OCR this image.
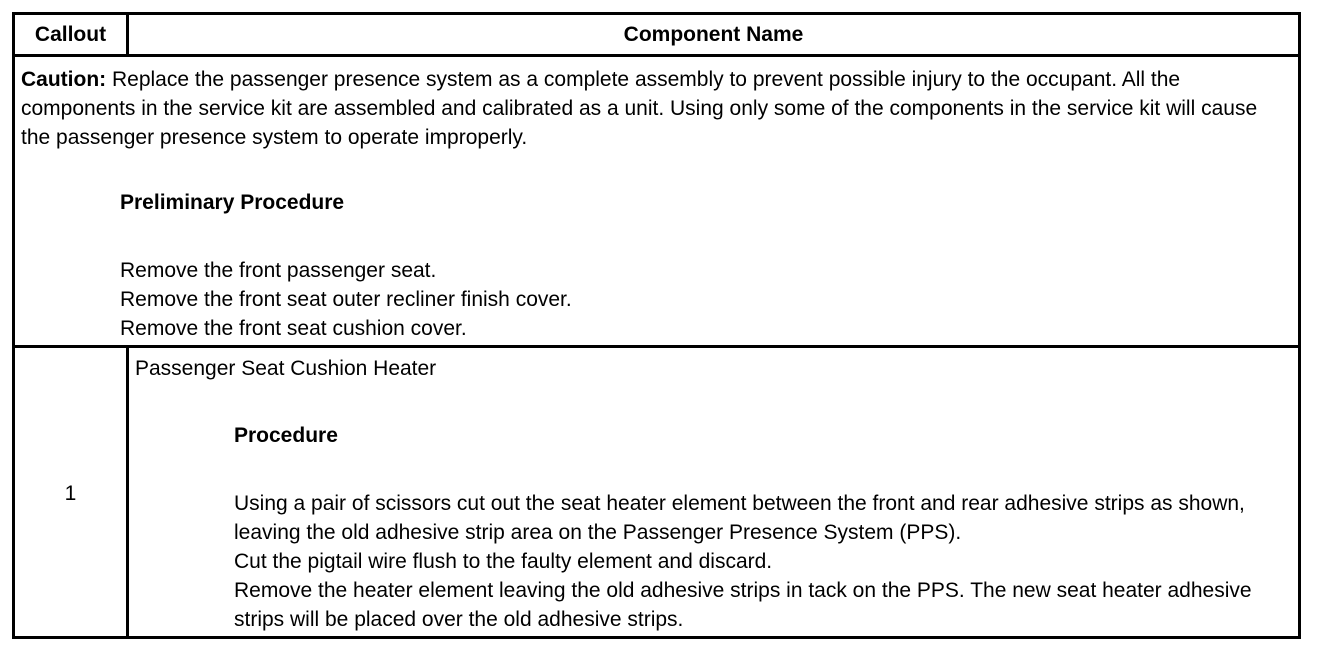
Callout	Component Name
Caution: Replace the passenger presence system as a complete assembly to prevent possible injury to the occupant. All the components in the service kit are assembled and calibrated as a unit. Using only some of the components in the service kit will cause the passenger presence system to operate improperly.
Preliminary Procedure
Remove the front passenger seat.
Remove the front seat outer recliner finish cover.
Remove the front seat cushion cover.
1
Passenger Seat Cushion Heater
Procedure
Using a pair of scissors cut out the seat heater element between the front and rear adhesive strips as shown, leaving the old adhesive strip area on the Passenger Presence System (PPS).
Cut the pigtail wire flush to the faulty element and discard.
Remove the heater element leaving the old adhesive strips in tack on the PPS. The new seat heater adhesive strips will be placed over the old adhesive strips.
